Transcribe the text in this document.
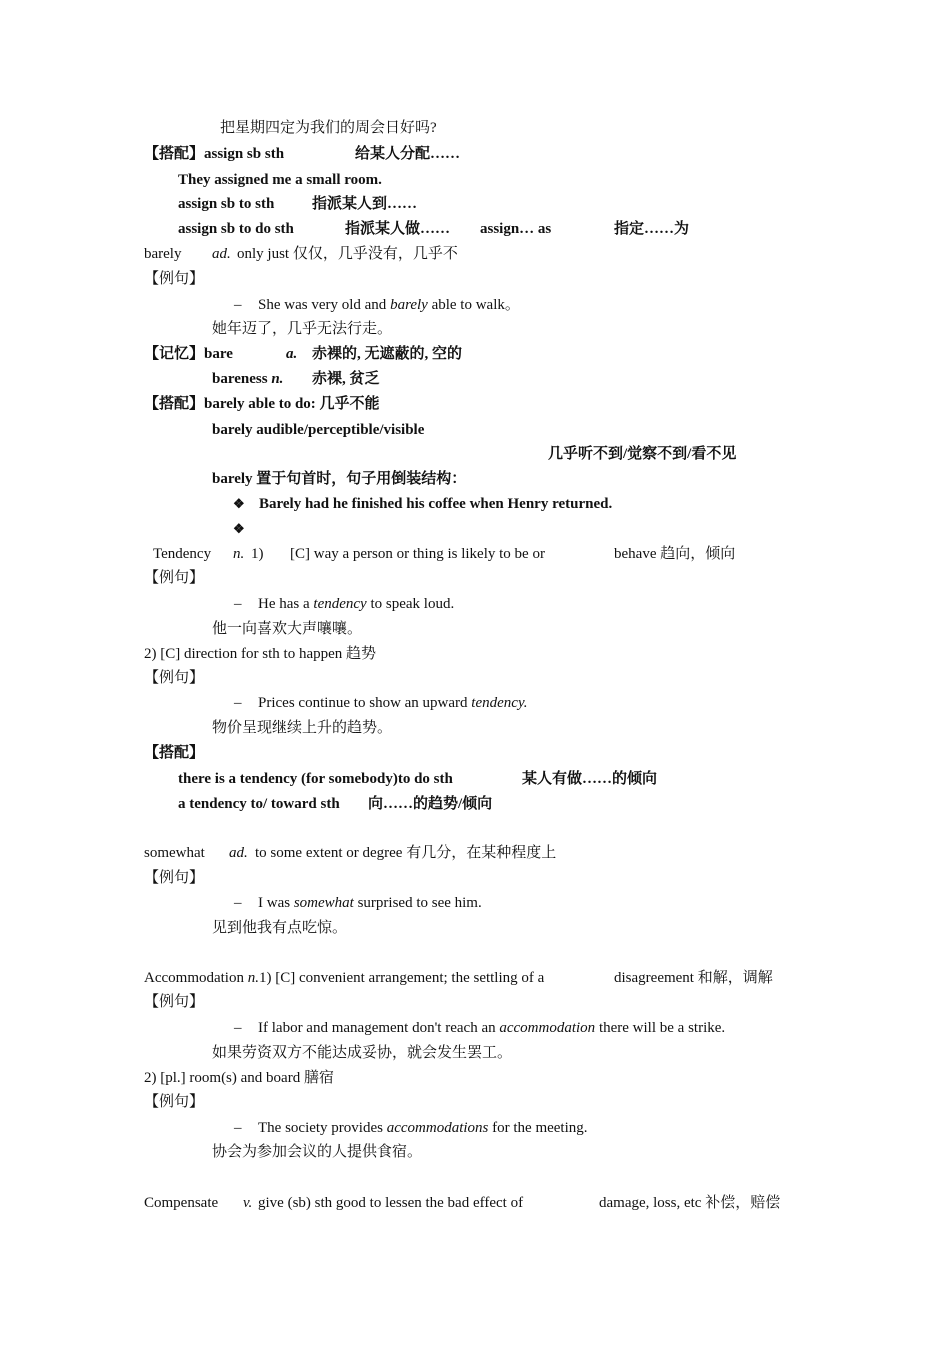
把星期四定为我们的周会日好吗?
【搭配】assign sb sth	给某人分配……
They assigned me a small room.
assign sb to sth	指派某人到……
assign sb to do sth	指派某人做…… assign… as	指定……为
barely ad. only just 仅仅，几乎没有，几乎不
【例句】
– She was very old and barely able to walk。
她年迈了，几乎无法行走。
【记忆】bare	a. 赤裸的, 无遮蔽的, 空的
bareness n. 赤裸, 贫乏
【搭配】barely able to do: 几乎不能
barely audible/perceptible/visible
几乎听不到/觉察不到/看不见
barely 置于句首时，句子用倒装结构：
❖ Barely had he finished his coffee when Henry returned.
❖
Tendency n. 1) [C] way a person or thing is likely to be or	behave 趋向，倾向
【例句】
– He has a tendency to speak loud.
他一向喜欢大声嚷嚷。
2) [C] direction for sth to happen 趋势
【例句】
– Prices continue to show an upward tendency.
物价呈现继续上升的趋势。
【搭配】
there is a tendency (for somebody)to do sth	某人有做……的倾向
a tendency to/ toward sth 向……的趋势/倾向
somewhat ad. to some extent or degree 有几分，在某种程度上
【例句】
– I was somewhat surprised to see him.
见到他我有点吃惊。
Accommodation n.1) [C] convenient arrangement; the settling of a	disagreement 和解，调解
【例句】
– If labor and management don't reach an accommodation there will be a strike.
如果劳资双方不能达成妥协，就会发生罢工。
2) [pl.] room(s) and board 膳宿
【例句】
– The society provides accommodations for the meeting.
协会为参加会议的人提供食宿。
Compensate v. give (sb) sth good to lessen the bad effect of	damage, loss, etc 补偿，赔偿
